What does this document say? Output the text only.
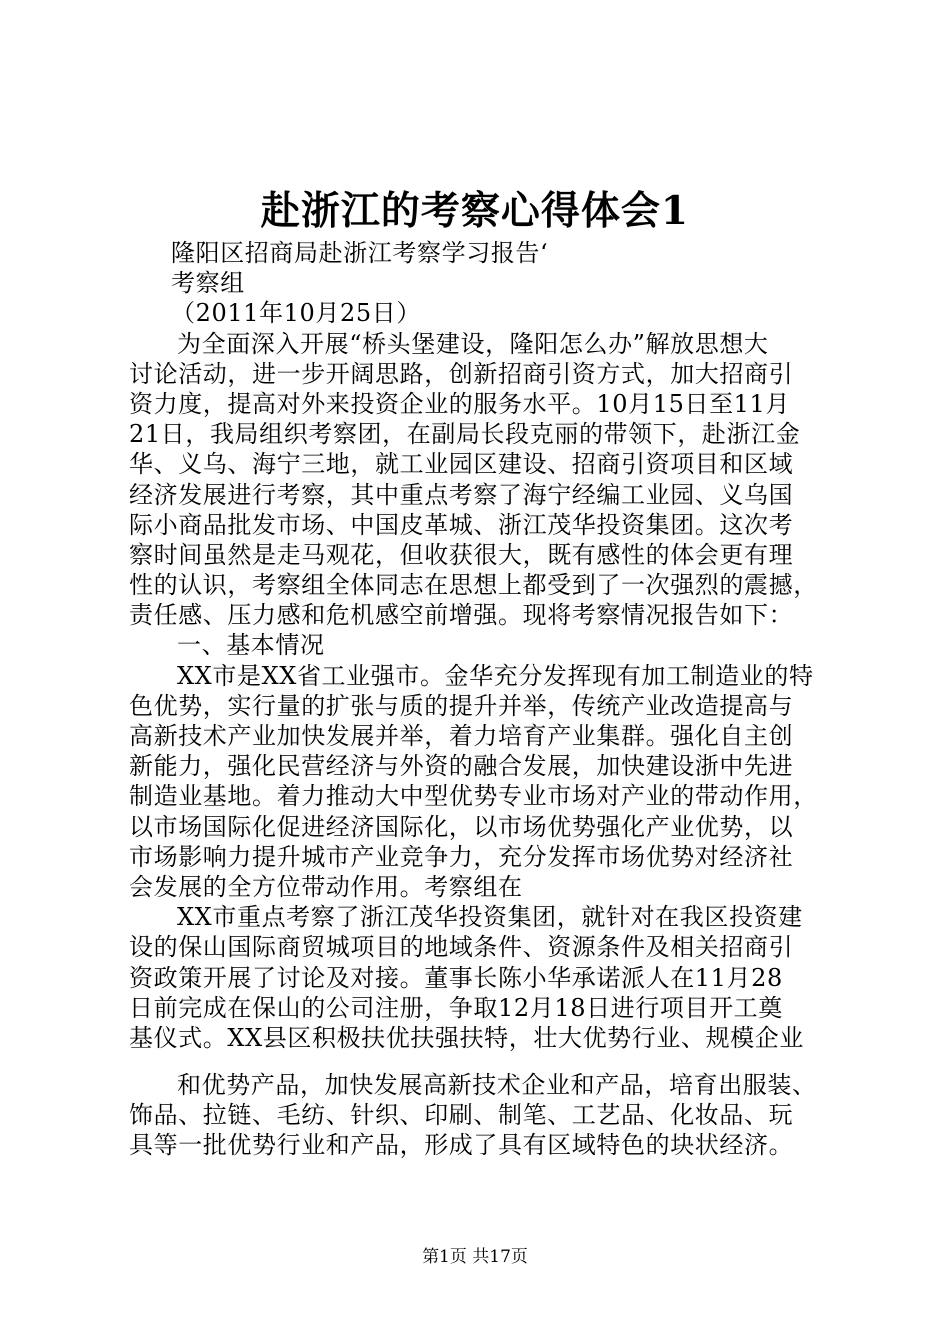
赴浙江的考察心得体会1
隆阳区招商局赴浙江考察学习报告‘
考察组
（2011年10月25日）
为全面深入开展“桥头堡建设，隆阳怎么办”解放思想大
讨论活动，进一步开阔思路，创新招商引资方式，加大招商引
资力度，提高对外来投资企业的服务水平。10月15日至11月
21日，我局组织考察团，在副局长段克丽的带领下，赴浙江金
华、义乌、海宁三地，就工业园区建设、招商引资项目和区域
经济发展进行考察，其中重点考察了海宁经编工业园、义乌国
际小商品批发市场、中国皮革城、浙江茂华投资集团。这次考
察时间虽然是走马观花，但收获很大，既有感性的体会更有理
性的认识，考察组全体同志在思想上都受到了一次强烈的震撼，
责任感、压力感和危机感空前增强。现将考察情况报告如下：
一、基本情况
XX市是XX省工业强市。金华充分发挥现有加工制造业的特
色优势，实行量的扩张与质的提升并举，传统产业改造提高与
高新技术产业加快发展并举，着力培育产业集群。强化自主创
新能力，强化民营经济与外资的融合发展，加快建设浙中先进
制造业基地。着力推动大中型优势专业市场对产业的带动作用，
以市场国际化促进经济国际化，以市场优势强化产业优势，以
市场影响力提升城市产业竞争力，充分发挥市场优势对经济社
会发展的全方位带动作用。考察组在
XX市重点考察了浙江茂华投资集团，就针对在我区投资建
设的保山国际商贸城项目的地域条件、资源条件及相关招商引
资政策开展了讨论及对接。董事长陈小华承诺派人在11月28
日前完成在保山的公司注册，争取12月18日进行项目开工奠
基仪式。XX县区积极扶优扶强扶特，壮大优势行业、规模企业
和优势产品，加快发展高新技术企业和产品，培育出服装、
饰品、拉链、毛纺、针织、印刷、制笔、工艺品、化妆品、玩
具等一批优势行业和产品，形成了具有区域特色的块状经济。
第1页 共17页
